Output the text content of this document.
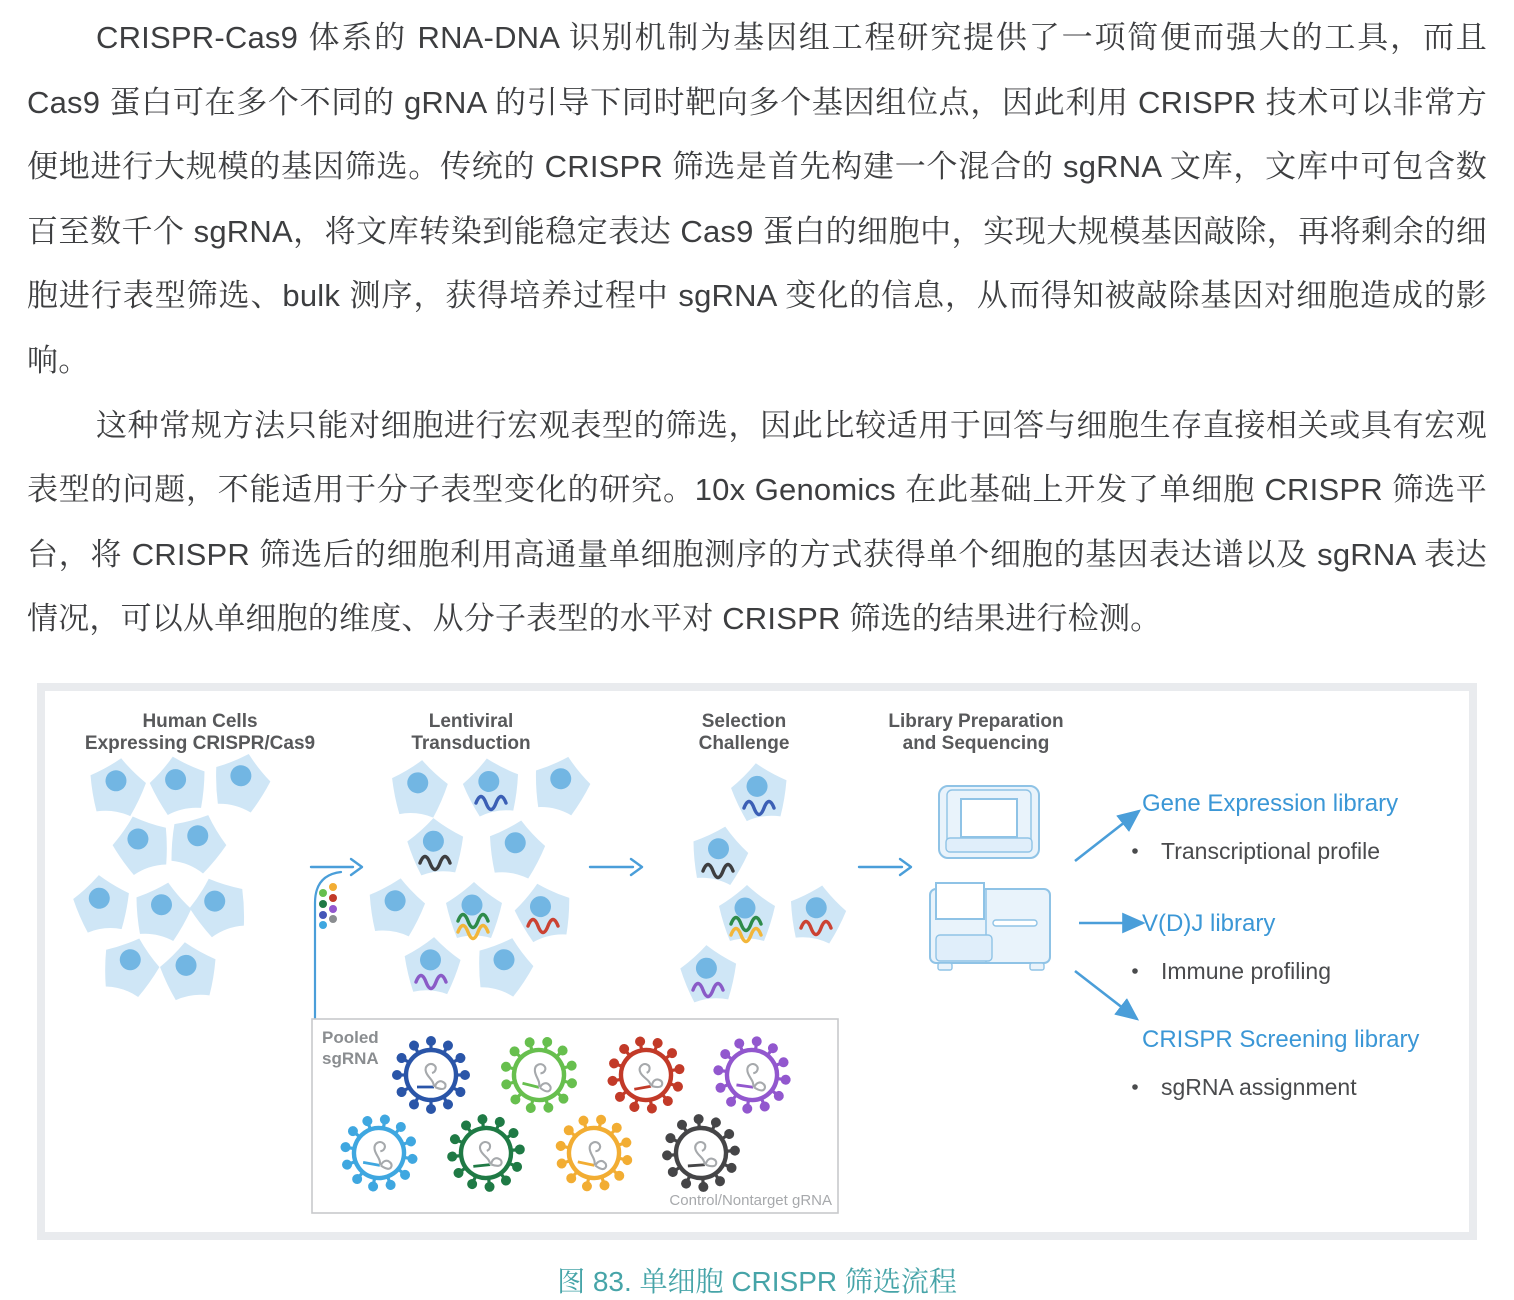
CRISPR-Cas9 体系的 RNA-DNA 识别机制为基因组工程研究提供了一项简便而强大的工具，而且 Cas9 蛋白可在多个不同的 gRNA 的引导下同时靶向多个基因组位点，因此利用 CRISPR 技术可以非常方便地进行大规模的基因筛选。传统的 CRISPR 筛选是首先构建一个混合的 sgRNA 文库，文库中可包含数百至数千个 sgRNA，将文库转染到能稳定表达 Cas9 蛋白的细胞中，实现大规模基因敲除，再将剩余的细胞进行表型筛选、bulk 测序，获得培养过程中 sgRNA 变化的信息，从而得知被敲除基因对细胞造成的影响。

这种常规方法只能对细胞进行宏观表型的筛选，因此比较适用于回答与细胞生存直接相关或具有宏观表型的问题，不能适用于分子表型变化的研究。10x Genomics 在此基础上开发了单细胞 CRISPR 筛选平台，将 CRISPR 筛选后的细胞利用高通量单细胞测序的方式获得单个细胞的基因表达谱以及 sgRNA 表达情况，可以从单细胞的维度、从分子表型的水平对 CRISPR 筛选的结果进行检测。

Human Cells
Expressing CRISPR/Cas9
Lentiviral
Transduction
Selection
Challenge
Library Preparation
and Sequencing
Gene Expression library
Transcriptional profile
V(D)J library
Immune profiling
CRISPR Screening library
sgRNA assignment
Pooled
sgRNA
Control/Nontarget gRNA
图 83. 单细胞 CRISPR 筛选流程
